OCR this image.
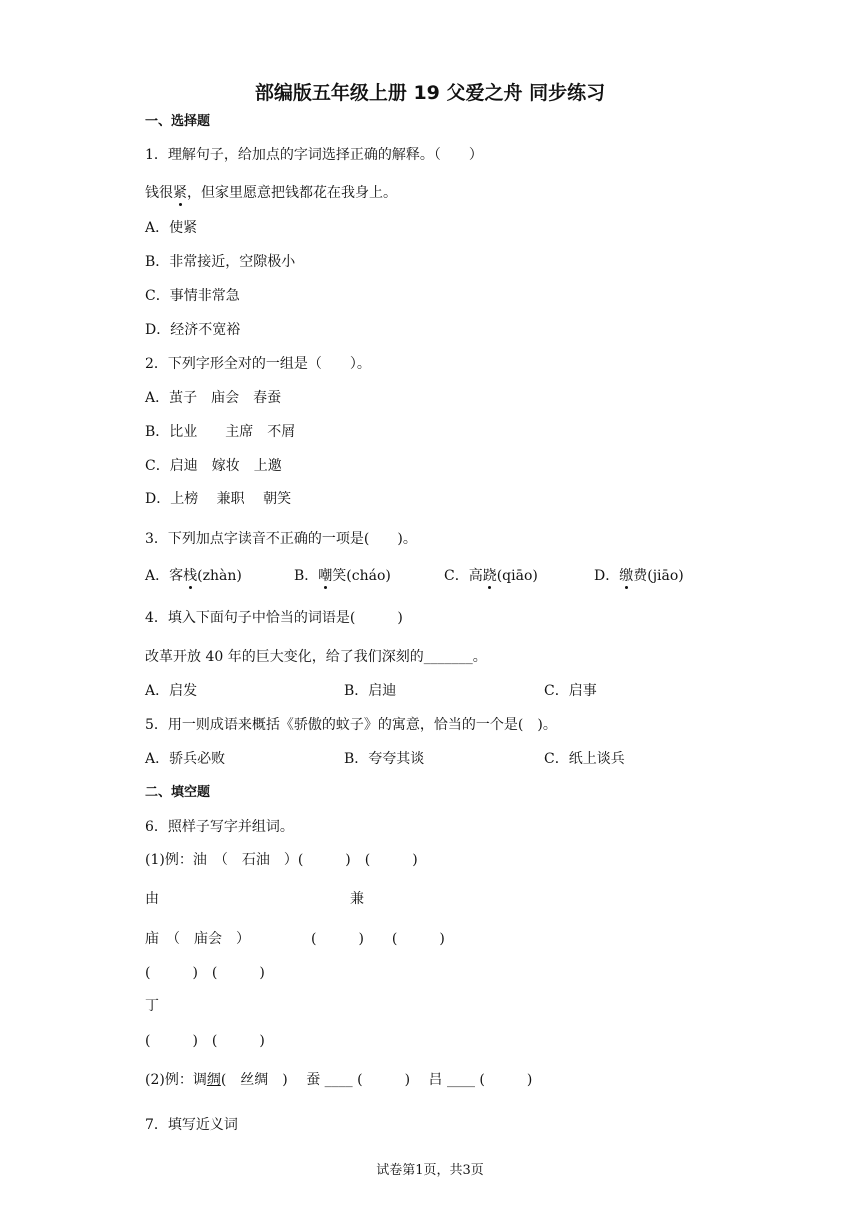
部编版五年级上册 19 父爱之舟 同步练习
一、选择题
1．理解句子，给加点的字词选择正确的解释。（　　）
钱很紧，但家里愿意把钱都花在我身上。
A．使紧
B．非常接近，空隙极小
C．事情非常急
D．经济不宽裕
2．下列字形全对的一组是（　　）。
A．茧子　庙会　春蚕
B．比业　　主席　不屑
C．启迪　嫁妆　上邀
D．上榜　 兼职　 朝笑
3．下列加点字读音不正确的一项是(　　)。
A．客栈(zhàn)	B．嘲笑(cháo)	C．高跷(qiāo)	D．缴费(jiāo)
4．填入下面句子中恰当的词语是(　　　)
改革开放 40 年的巨大变化，给了我们深刻的_______。
A．启发	B．启迪	C．启事
5．用一则成语来概括《骄傲的蚊子》的寓意，恰当的一个是(　)。
A．骄兵必败	B．夸夸其谈	C．纸上谈兵
二、填空题
6．照样子写字并组词。
(1)例：油　（　石油　）(　　　)　(　　　)
由	兼
庙　（　庙会　）	(　　　)　　(　　　)
(　　　)　(　　　)
丁
(　　　)　(　　　)
(2)例：调绸(　丝绸　)　 蚕 ____ (　　　)　 吕 ____ (　　　)
7．填写近义词
试卷第1页，共3页
